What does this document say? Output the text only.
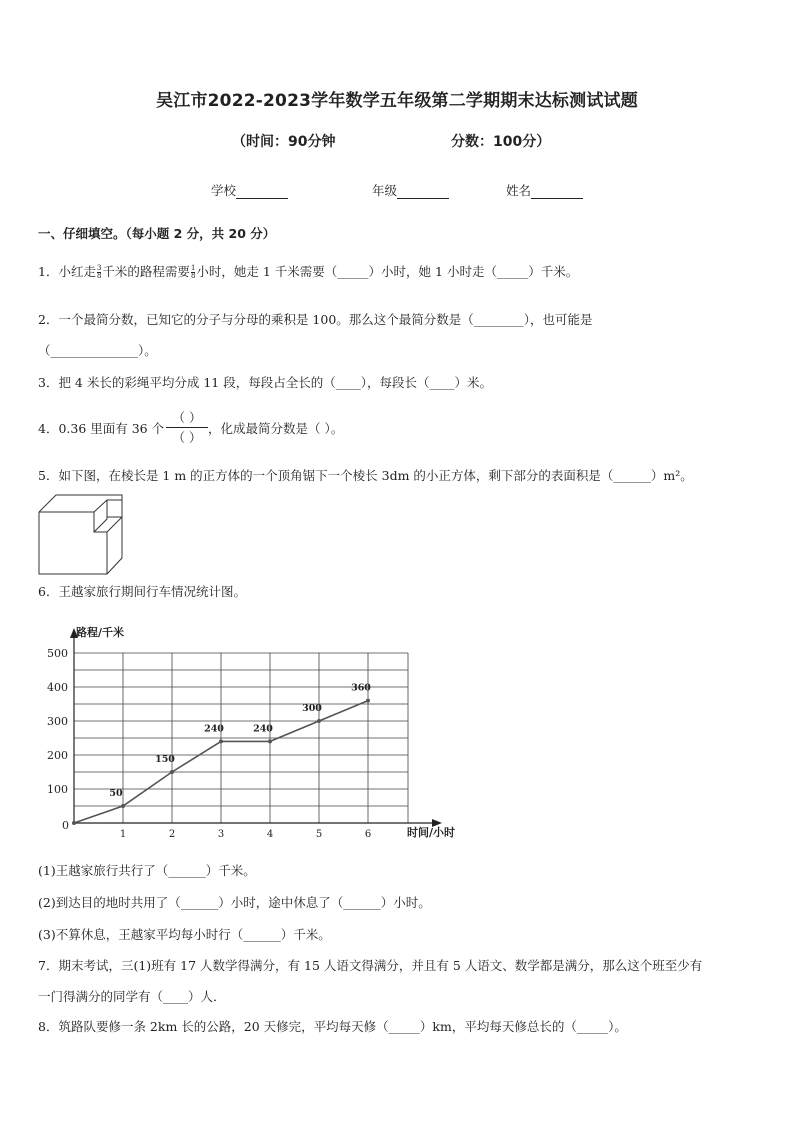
吴江市2022-2023学年数学五年级第二学期期末达标测试试题
（时间：90分钟	分数：100分）
学校	年级	姓名
一、仔细填空。（每小题 2 分，共 20 分）
1．小红走 $\frac{3}{8}$ 千米的路程需要 $\frac{1}{8}$ 小时，她走 1 千米需要（_____）小时，她 1 小时走（_____）千米。
2．一个最简分数，已知它的分子与分母的乘积是 100。那么这个最简分数是（________），也可能是
（______________）。
3．把 4 米长的彩绳平均分成 11 段，每段占全长的（____），每段长（____）米。
4．0.36 里面有 36 个
（ ）
（ ）
，化成最简分数是（ ）。
5．如下图，在棱长是 1 m 的正方体的一个顶角锯下一个棱长 3dm 的小正方体，剩下部分的表面积是（______）m²。
6．王越家旅行期间行车情况统计图。
路程/千米
时间/小时
100
200
300
400
500
1	2	3	4	5	6
0
50
150
240	240
300
360
(1)王越家旅行共行了（______）千米。
(2)到达目的地时共用了（______）小时，途中休息了（______）小时。
(3)不算休息，王越家平均每小时行（______）千米。
7．期末考试，三(1)班有 17 人数学得满分，有 15 人语文得满分，并且有 5 人语文、数学都是满分，那么这个班至少有
一门得满分的同学有（____）人．
8．筑路队要修一条 2km 长的公路，20 天修完，平均每天修（_____）km，平均每天修总长的（_____）。
